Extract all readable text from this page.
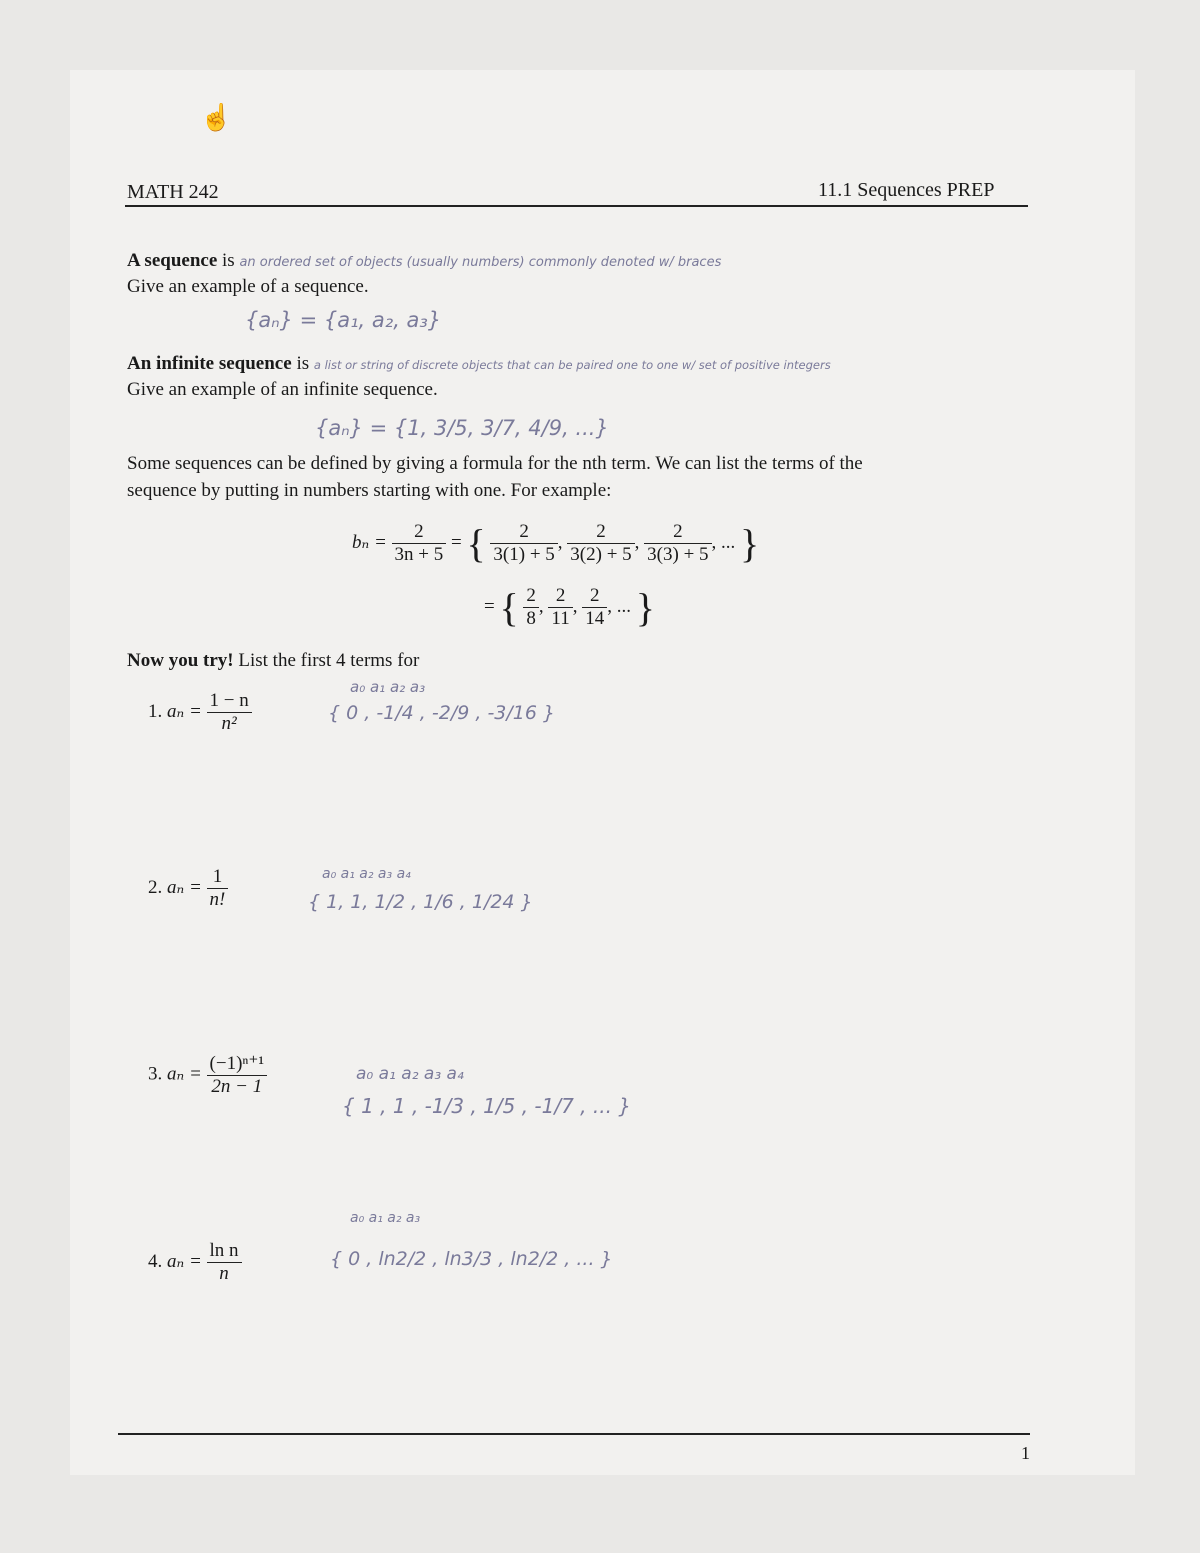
☝
MATH 242	11.1 Sequences PREP
A sequence is an ordered set of objects (usually numbers) commonly denoted w/ braces
Give an example of a sequence.
{aₙ} = {a₁, a₂, a₃}
An infinite sequence is a list or string of discrete objects that can be paired one to one w/ set of positive integers
Give an example of an infinite sequence.
{aₙ} = {1, 3/5, 3/7, 4/9, ...}
Some sequences can be defined by giving a formula for the nth term. We can list the terms of the
sequence by putting in numbers starting with one. For example:
$b_n = \frac{2}{3n + 5}$ = { $\frac{2}{3(1) + 5}$ , $\frac{2}{3(2) + 5}$ , $\frac{2}{3(3) + 5}$ , ... }
= { $\frac{2}{8}$ , $\frac{2}{11}$ , $\frac{2}{14}$ , ... }
Now you try! List the first 4 terms for
1. $a_n = \frac{1 - n}{\text{n²}}$
a₀ a₁ a₂ a₃
{ 0 , -1/4 , -2/9 , -3/16 }
2. $a_n = \frac{1}{n!}$	a₀ a₁ a₂ a₃ a₄
{ 1, 1, 1/2 , 1/6 , 1/24 }
3. $a_n = \frac{\text{(−1)ⁿ⁺¹}}{2n - 1}$	a₀ a₁ a₂ a₃ a₄
{ 1 , 1 , -1/3 , 1/5 , -1/7 , ... }
4. $a_n = \frac{\text{ln n}}{n}$
a₀ a₁ a₂ a₃
{ 0 , ln2/2 , ln3/3 , ln2/2 , ... }
1
